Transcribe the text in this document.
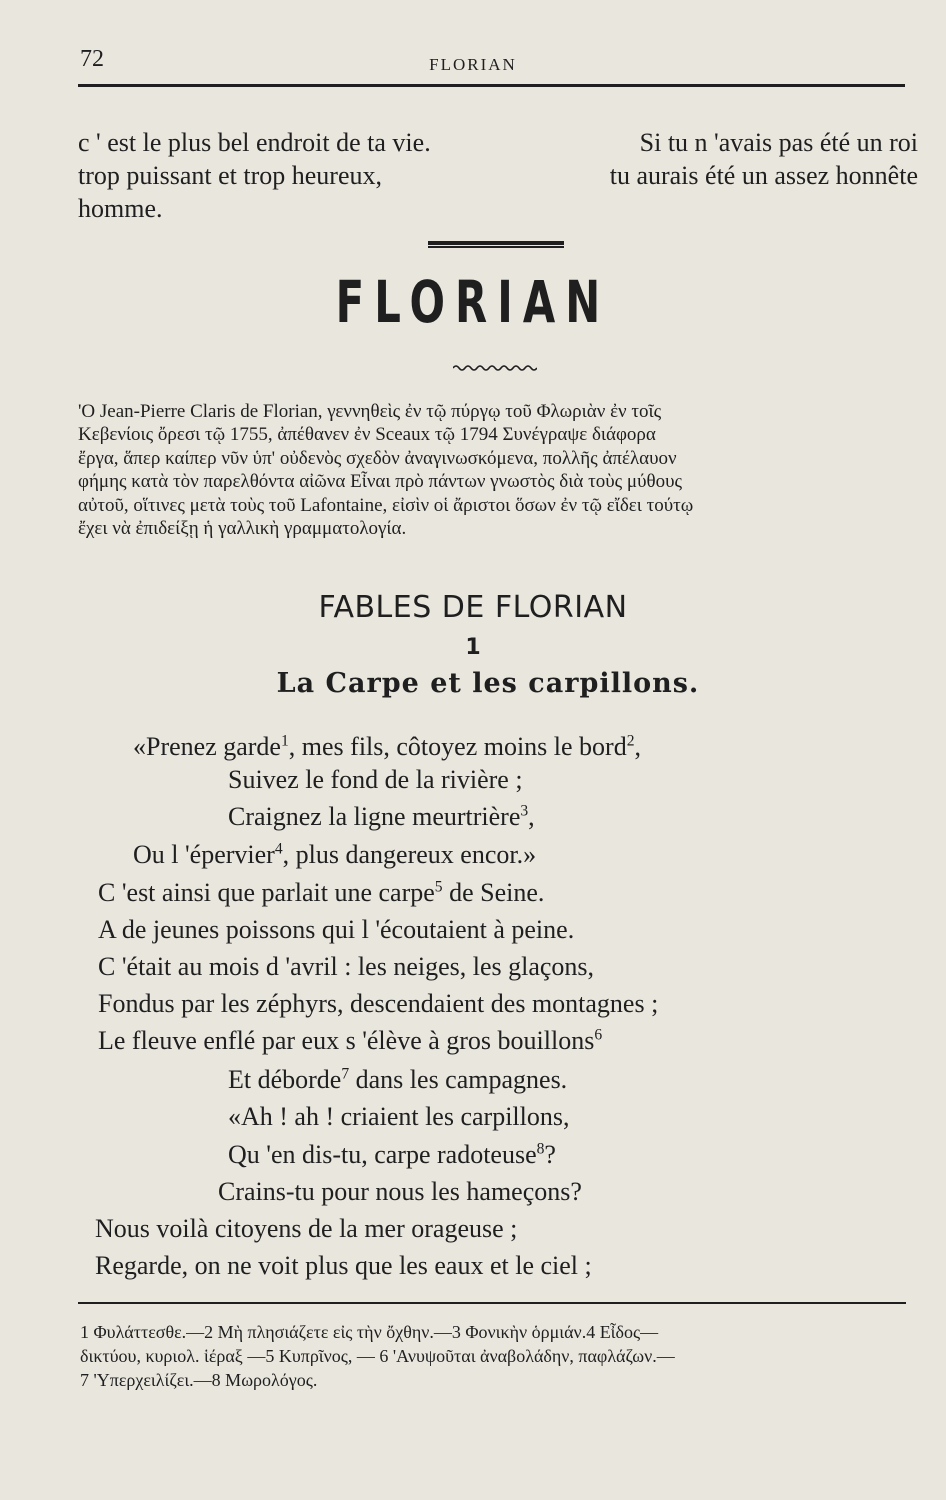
72	FLORIAN
c ' est le plus bel endroit de ta vie.	Si tu n 'avais pas été un roi
trop puissant et trop heureux,	tu aurais été un assez honnête
homme.
FLORIAN
'O Jean-Pierre Claris de Florian, γεννηθεὶς ἐν τῷ πύργῳ τοῦ Φλωριὰν ἐν τοῖς
Κεβενίοις ὄρεσι τῷ 1755, ἀπέθανεν ἐν Sceaux τῷ 1794 Συνέγραψε διάφορα
ἔργα, ἅπερ καίπερ νῦν ὑπ' οὐδενὸς σχεδὸν ἀναγινωσκόμενα, πολλῆς ἀπέλαυον
φήμης κατὰ τὸν παρελθόντα αἰῶνα Εἶναι πρὸ πάντων γνωστὸς διὰ τοὺς μύθους
αὐτοῦ, οἵτινες μετὰ τοὺς τοῦ Lafontaine, εἰσὶν οἱ ἄριστοι ὅσων ἐν τῷ εἴδει τούτῳ
ἔχει νὰ ἐπιδείξῃ ἡ γαλλικὴ γραμματολογία.
FABLES DE FLORIAN
1
La Carpe et les carpillons.
«Prenez garde$^1$, mes fils, côtoyez moins le bord$^2$,
Suivez le fond de la rivière ;
Craignez la ligne meurtrière$^3$,
Ou l 'épervier$^4$, plus dangereux encor.»
C 'est ainsi que parlait une carpe$^5$ de Seine.
A de jeunes poissons qui l 'écoutaient à peine.
C 'était au mois d 'avril : les neiges, les glaçons,
Fondus par les zéphyrs, descendaient des montagnes ;
Le fleuve enflé par eux s 'élève à gros bouillons$^6$
Et déborde$^7$ dans les campagnes.
«Ah ! ah ! criaient les carpillons,
Qu 'en dis-tu, carpe radoteuse$^8$?
Crains-tu pour nous les hameçons?
Nous voilà citoyens de la mer orageuse ;
Regarde, on ne voit plus que les eaux et le ciel ;
1 Φυλάττεσθε.—2 Μὴ πλησιάζετε εἰς τὴν ὄχθην.—3 Φονικὴν ὁρμιάν.4 Εἶδος—
δικτύου, κυριολ. ἱέραξ —5 Κυπρῖνος, — 6 'Ανυψοῦται ἀναβολάδην, παφλάζων.—
7 'Υπερχειλίζει.—8 Μωρολόγος.
